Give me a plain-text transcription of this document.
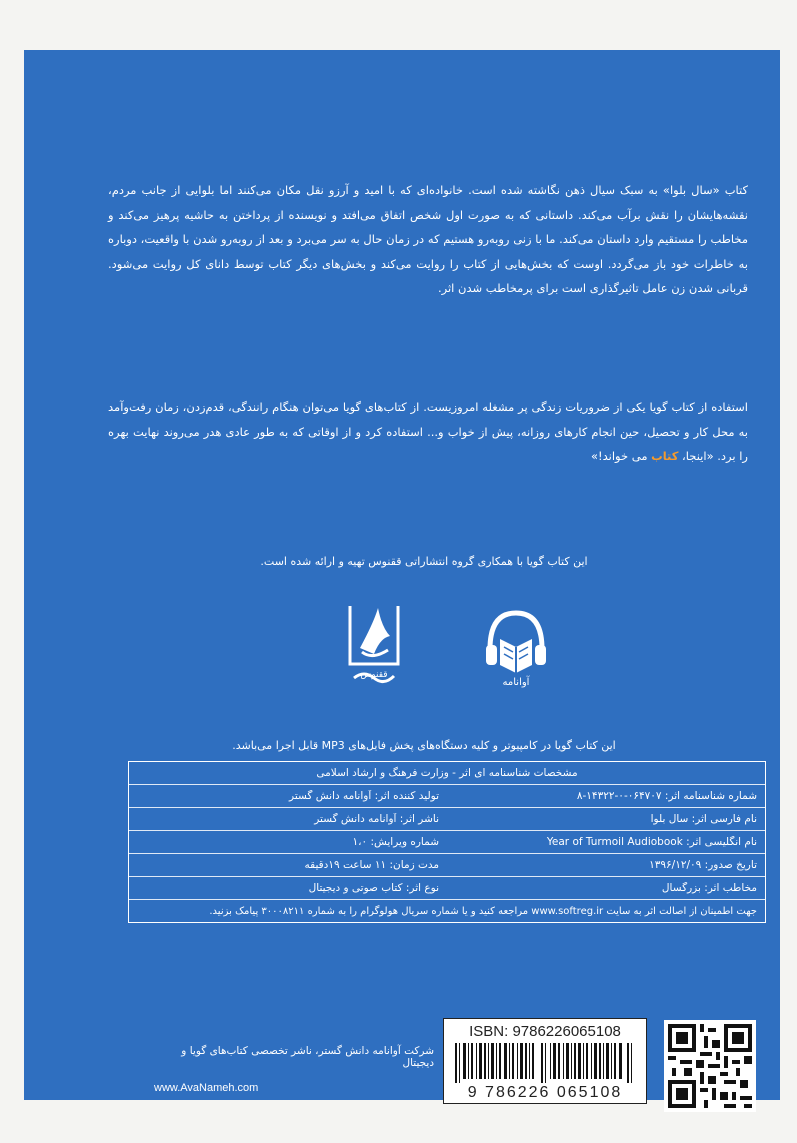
کتاب «سال بلوا» به سبک سیال ذهن نگاشته شده است. خانواده‌ای که با امید و آرزو نقل مکان می‌کنند اما بلوایی از جانب مردم، نقشه‌هایشان را نقش برآب می‌کند. داستانی که به صورت اول شخص اتفاق می‌افتد و نویسنده از پرداختن به حاشیه پرهیز می‌کند و مخاطب را مستقیم وارد داستان می‌کند. ما با زنی روبه‌رو هستیم که در زمان حال به سر می‌برد و بعد از روبه‌رو شدن با واقعیت، دوباره به خاطرات خود باز می‌گردد. اوست که بخش‌هایی از کتاب را روایت می‌کند و بخش‌های دیگر کتاب توسط دانای کل روایت می‌شود. قربانی شدن زن عامل تاثیرگذاری است برای پرمخاطب شدن اثر.
استفاده از کتاب گویا یکی از ضروریات زندگی پر مشغله امروزیست. از کتاب‌های گویا می‌توان هنگام رانندگی، قدم‌زدن، زمان رفت‌وآمد به محل کار و تحصیل، حین انجام کارهای روزانه، پیش از خواب و... استفاده کرد و از اوقاتی که به طور عادی هدر می‌روند نهایت بهره را برد. «اینجا، کتاب می خواند!»
این کتاب گویا با همکاری گروه انتشاراتی ققنوس تهیه و ارائه شده است.
آوانامه
ققنوس
این کتاب گویا در کامپیوتر و کلیه دستگاه‌های پخش فایل‌های MP3 قابل اجرا می‌باشد.
مشخصات شناسنامه ای اثر - وزارت فرهنگ و ارشاد اسلامی
شماره شناسنامه اثر: ۰۶۴۷۰۷-۰-۱۴۳۲۲-۸
تولید کننده اثر: آوانامه دانش گستر
نام فارسی اثر: سال بلوا
ناشر اثر: آوانامه دانش گستر
نام انگلیسی اثر: Year of Turmoil Audiobook
شماره ویرایش: ۱،۰
تاریخ صدور: ۱۳۹۶/۱۲/۰۹
مدت زمان: ۱۱ ساعت ۱۹دقیقه
مخاطب اثر: بزرگسال
نوع اثر: کتاب صوتی و دیجیتال
جهت اطمینان از اصالت اثر به سایت www.softreg.ir مراجعه کنید و یا شماره سریال هولوگرام را به شماره ۳۰۰۰۸۲۱۱ پیامک بزنید.
شرکت آوانامه دانش گستر، ناشر تخصصی کتاب‌های گویا و دیجیتال
www.AvaNameh.com
ISBN: 9786226065108
9 786226 065108
